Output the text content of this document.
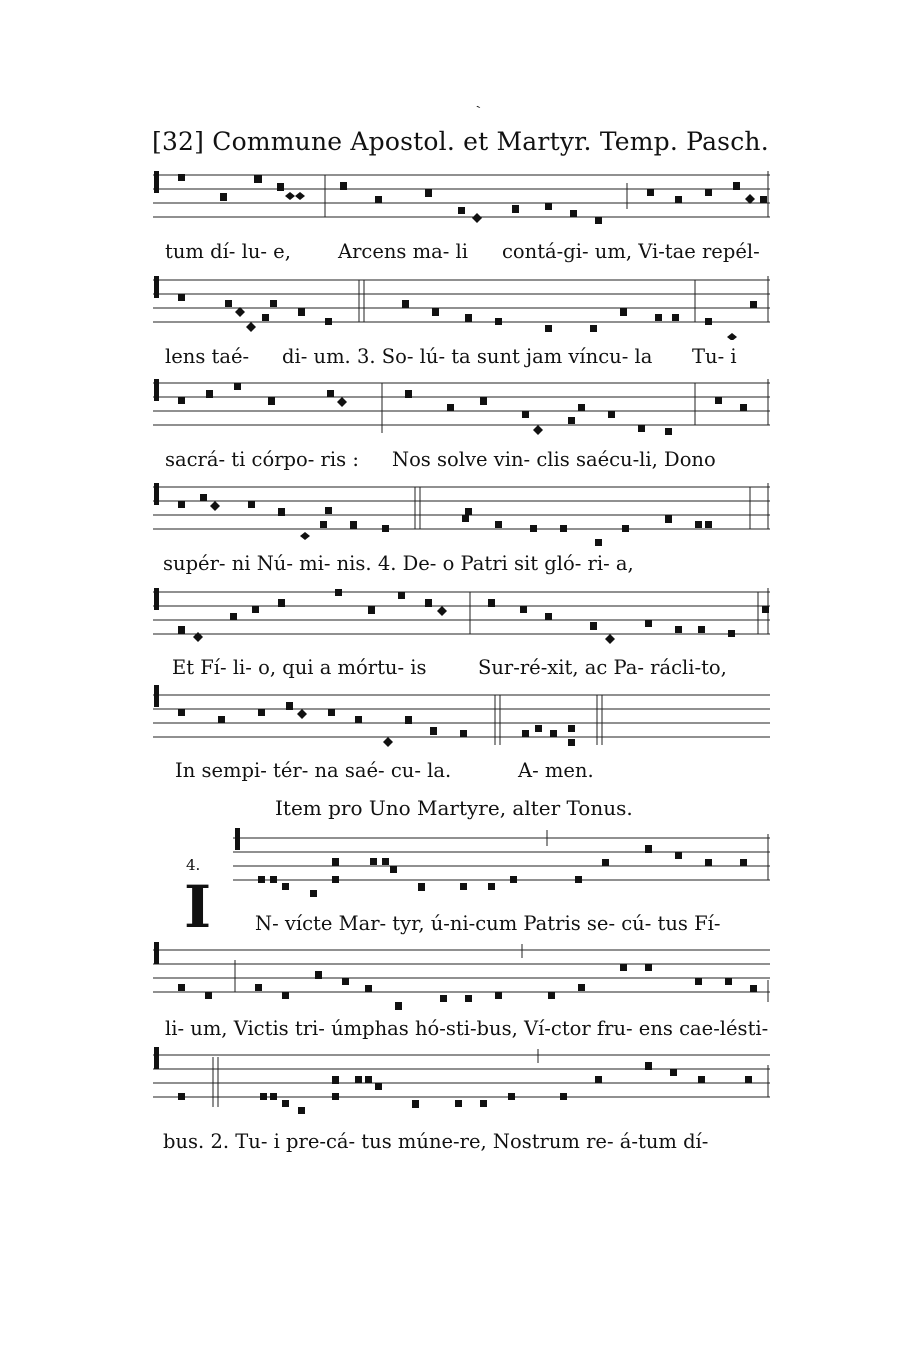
`
[32] Commune Apostol. et Martyr. Temp. Pasch.
tum dí- lu- e, Arcens ma- li contá-gi- um, Vi-tae repél-
lens taé- di- um. 3. So- lú- ta sunt jam víncu- la Tu- i
sacrá- ti córpo- ris : Nos solve vin- clis saécu-li, Dono
supér- ni Nú- mi- nis. 4. De- o Patri sit gló- ri- a,
Et Fí- li- o, qui a mórtu- is	Sur-ré-xit, ac Pa- rácli-to,
In sempi- tér- na saé- cu- la.	A- men.
Item pro Uno Martyre, alter Tonus.
4.
I N- vícte Mar- tyr, ú-ni-cum Patris se- cú- tus Fí-
li- um, Victis tri- úmphas hó-sti-bus, Ví-ctor fru- ens cae-lésti-
bus. 2. Tu- i pre-cá- tus múne-re, Nostrum re- á-tum dí-
